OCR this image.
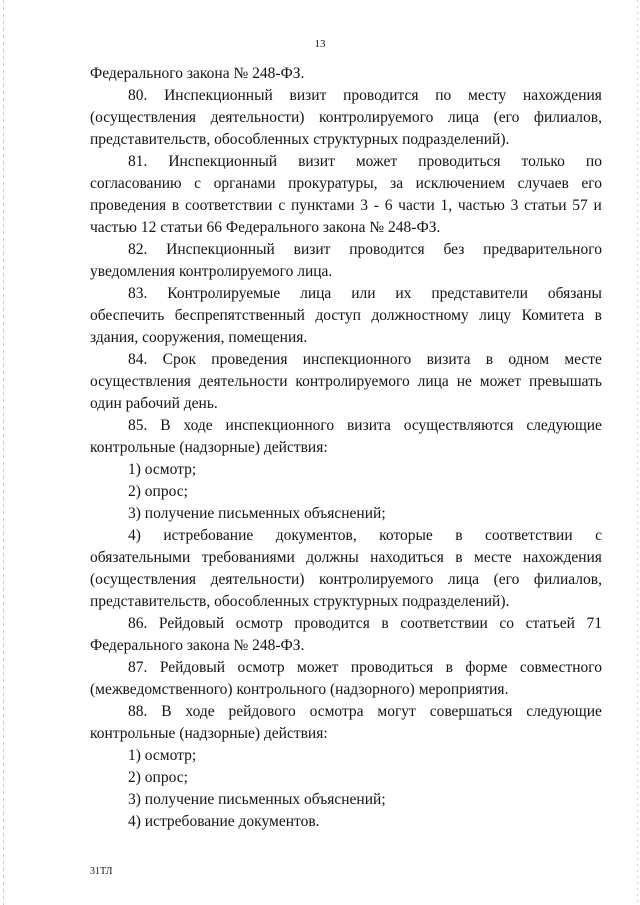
13
Федерального закона № 248-ФЗ.
80. Инспекционный визит проводится по месту нахождения
(осуществления деятельности) контролируемого лица (его филиалов,
представительств, обособленных структурных подразделений).
81. Инспекционный визит может проводиться только по
согласованию с органами прокуратуры, за исключением случаев его
проведения в соответствии с пунктами 3 - 6 части 1, частью 3 статьи 57 и
частью 12 статьи 66 Федерального закона № 248-ФЗ.
82. Инспекционный визит проводится без предварительного
уведомления контролируемого лица.
83. Контролируемые лица или их представители обязаны
обеспечить беспрепятственный доступ должностному лицу Комитета в
здания, сооружения, помещения.
84. Срок проведения инспекционного визита в одном месте
осуществления деятельности контролируемого лица не может превышать
один рабочий день.
85. В ходе инспекционного визита осуществляются следующие
контрольные (надзорные) действия:
1) осмотр;
2) опрос;
3) получение письменных объяснений;
4) истребование документов, которые в соответствии с
обязательными требованиями должны находиться в месте нахождения
(осуществления деятельности) контролируемого лица (его филиалов,
представительств, обособленных структурных подразделений).
86. Рейдовый осмотр проводится в соответствии со статьей 71
Федерального закона № 248-ФЗ.
87. Рейдовый осмотр может проводиться в форме совместного
(межведомственного) контрольного (надзорного) мероприятия.
88. В ходе рейдового осмотра могут совершаться следующие
контрольные (надзорные) действия:
1) осмотр;
2) опрос;
3) получение письменных объяснений;
4) истребование документов.
31ТЛ
